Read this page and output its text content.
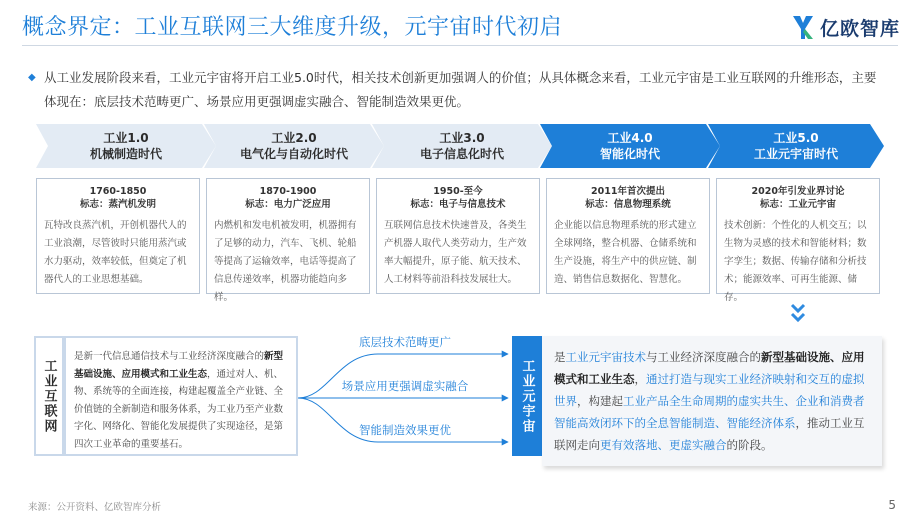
概念界定：工业互联网三大维度升级，元宇宙时代初启	亿欧智库
◆ 从工业发展阶段来看，工业元宇宙将开启工业5.0时代，相关技术创新更加强调人的价值；从具体概念来看，工业元宇宙是工业互联网的升维形态，主要体现在：底层技术范畴更广、场景应用更强调虚实融合、智能制造效果更优。
工业1.0
机械制造时代
工业2.0
电气化与自动化时代
工业3.0
电子信息化时代
工业4.0
智能化时代
工业5.0
工业元宇宙时代
1760-1850
标志：蒸汽机发明
瓦特改良蒸汽机，开创机器代人的工业浪潮，尽管彼时只能用蒸汽或水力驱动，效率较低，但奠定了机器代人的工业思想基础。
1870-1900
标志：电力广泛应用
内燃机和发电机被发明，机器拥有了足够的动力，汽车、飞机、轮船等提高了运输效率，电话等提高了信息传递效率，机器功能趋向多样。
1950-至今
标志：电子与信息技术
互联网信息技术快速普及，各类生产机器人取代人类劳动力，生产效率大幅提升，原子能、航天技术、人工材料等前沿科技发展壮大。
2011年首次提出
标志：信息物理系统
企业能以信息物理系统的形式建立全球网络，整合机器、仓储系统和生产设施，将生产中的供应链、制造、销售信息数据化、智慧化。
2020年引发业界讨论
标志：工业元宇宙
技术创新：个性化的人机交互；以生物为灵感的技术和智能材料；数字孪生；数据、传输存储和分析技术；能源效率、可再生能源、储存。
工业互联网
是新一代信息通信技术与工业经济深度融合的新型基础设施、应用模式和工业生态，通过对人、机、物、系统等的全面连接，构建起覆盖全产业链、全价值链的全新制造和服务体系，为工业乃至产业数字化、网络化、智能化发展提供了实现途径，是第四次工业革命的重要基石。
底层技术范畴更广
场景应用更强调虚实融合
智能制造效果更优	工业元宇宙
是工业元宇宙技术与工业经济深度融合的新型基础设施、应用模式和工业生态，通过打造与现实工业经济映射和交互的虚拟世界，构建起工业产品全生命周期的虚实共生、企业和消费者智能高效闭环下的全息智能制造、智能经济体系，推动工业互联网走向更有效落地、更虚实融合的阶段。
来源：公开资料、亿欧智库分析	5
